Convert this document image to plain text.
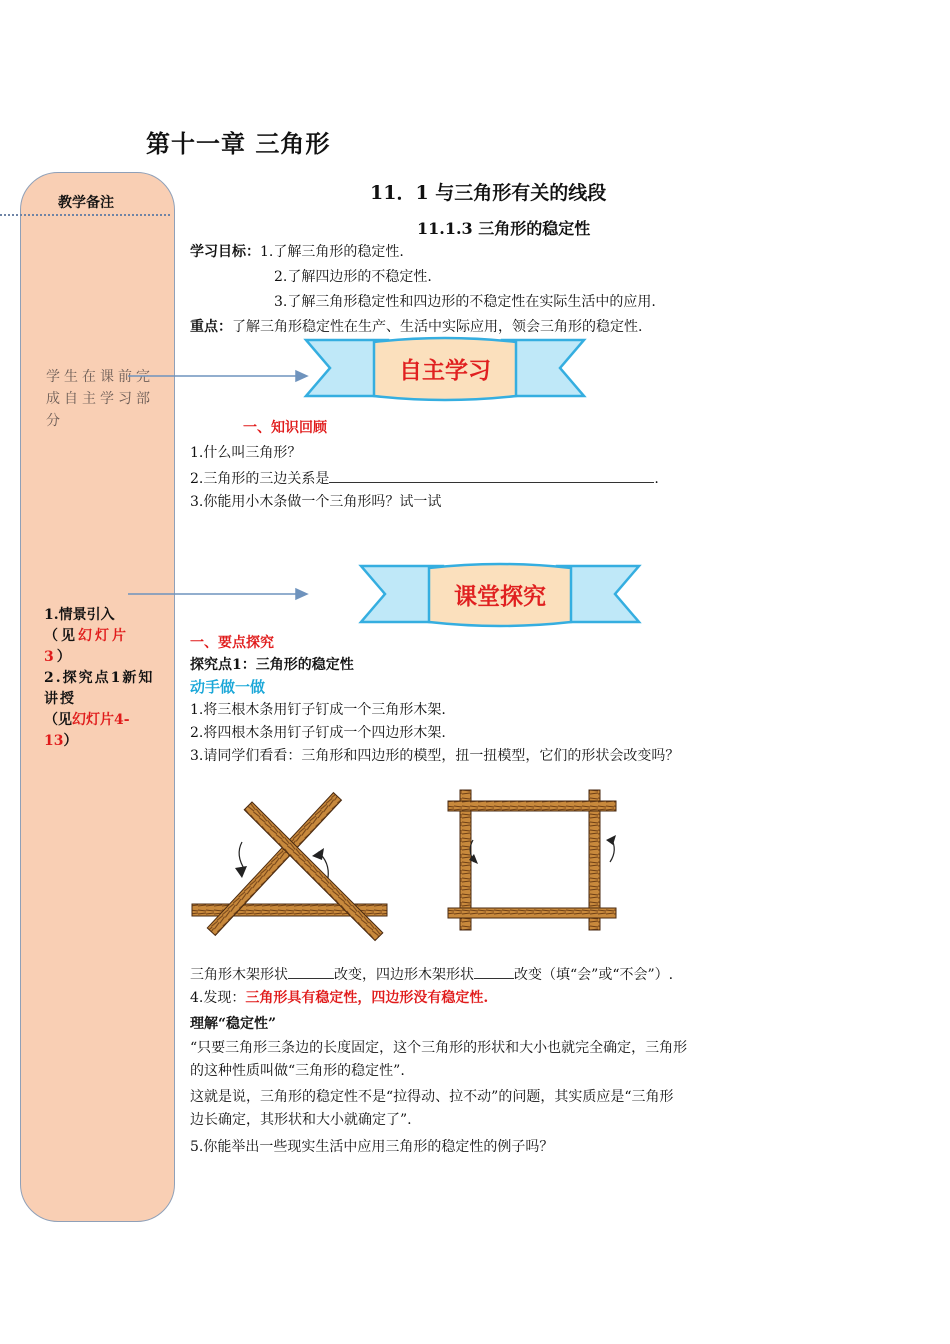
第十一章 三角形
教学备注
学生在课前完成自主学习部分
1.情景引入
（见幻灯片3）
2.探究点1新知讲授
（见幻灯片4-13）
11．1 与三角形有关的线段
11.1.3 三角形的稳定性
学习目标：1.了解三角形的稳定性.
2.了解四边形的不稳定性.
3.了解三角形稳定性和四边形的不稳定性在实际生活中的应用.
重点：了解三角形稳定性在生产、生活中实际应用，领会三角形的稳定性.
自主学习
一、知识回顾
1.什么叫三角形？
2.三角形的三边关系是	.
3.你能用小木条做一个三角形吗？试一试
课堂探究
一、要点探究
探究点1：三角形的稳定性
动手做一做
1.将三根木条用钉子钉成一个三角形木架.
2.将四根木条用钉子钉成一个四边形木架.
3.请同学们看看：三角形和四边形的模型，扭一扭模型，它们的形状会改变吗？
三角形木架形状	改变，四边形木架形状	改变（填“会”或“不会”）.
4.发现：三角形具有稳定性，四边形没有稳定性.
理解“稳定性”
“只要三角形三条边的长度固定，这个三角形的形状和大小也就完全确定，三角形
的这种性质叫做“三角形的稳定性”.
这就是说，三角形的稳定性不是“拉得动、拉不动”的问题，其实质应是“三角形
边长确定，其形状和大小就确定了”.
5.你能举出一些现实生活中应用三角形的稳定性的例子吗？
